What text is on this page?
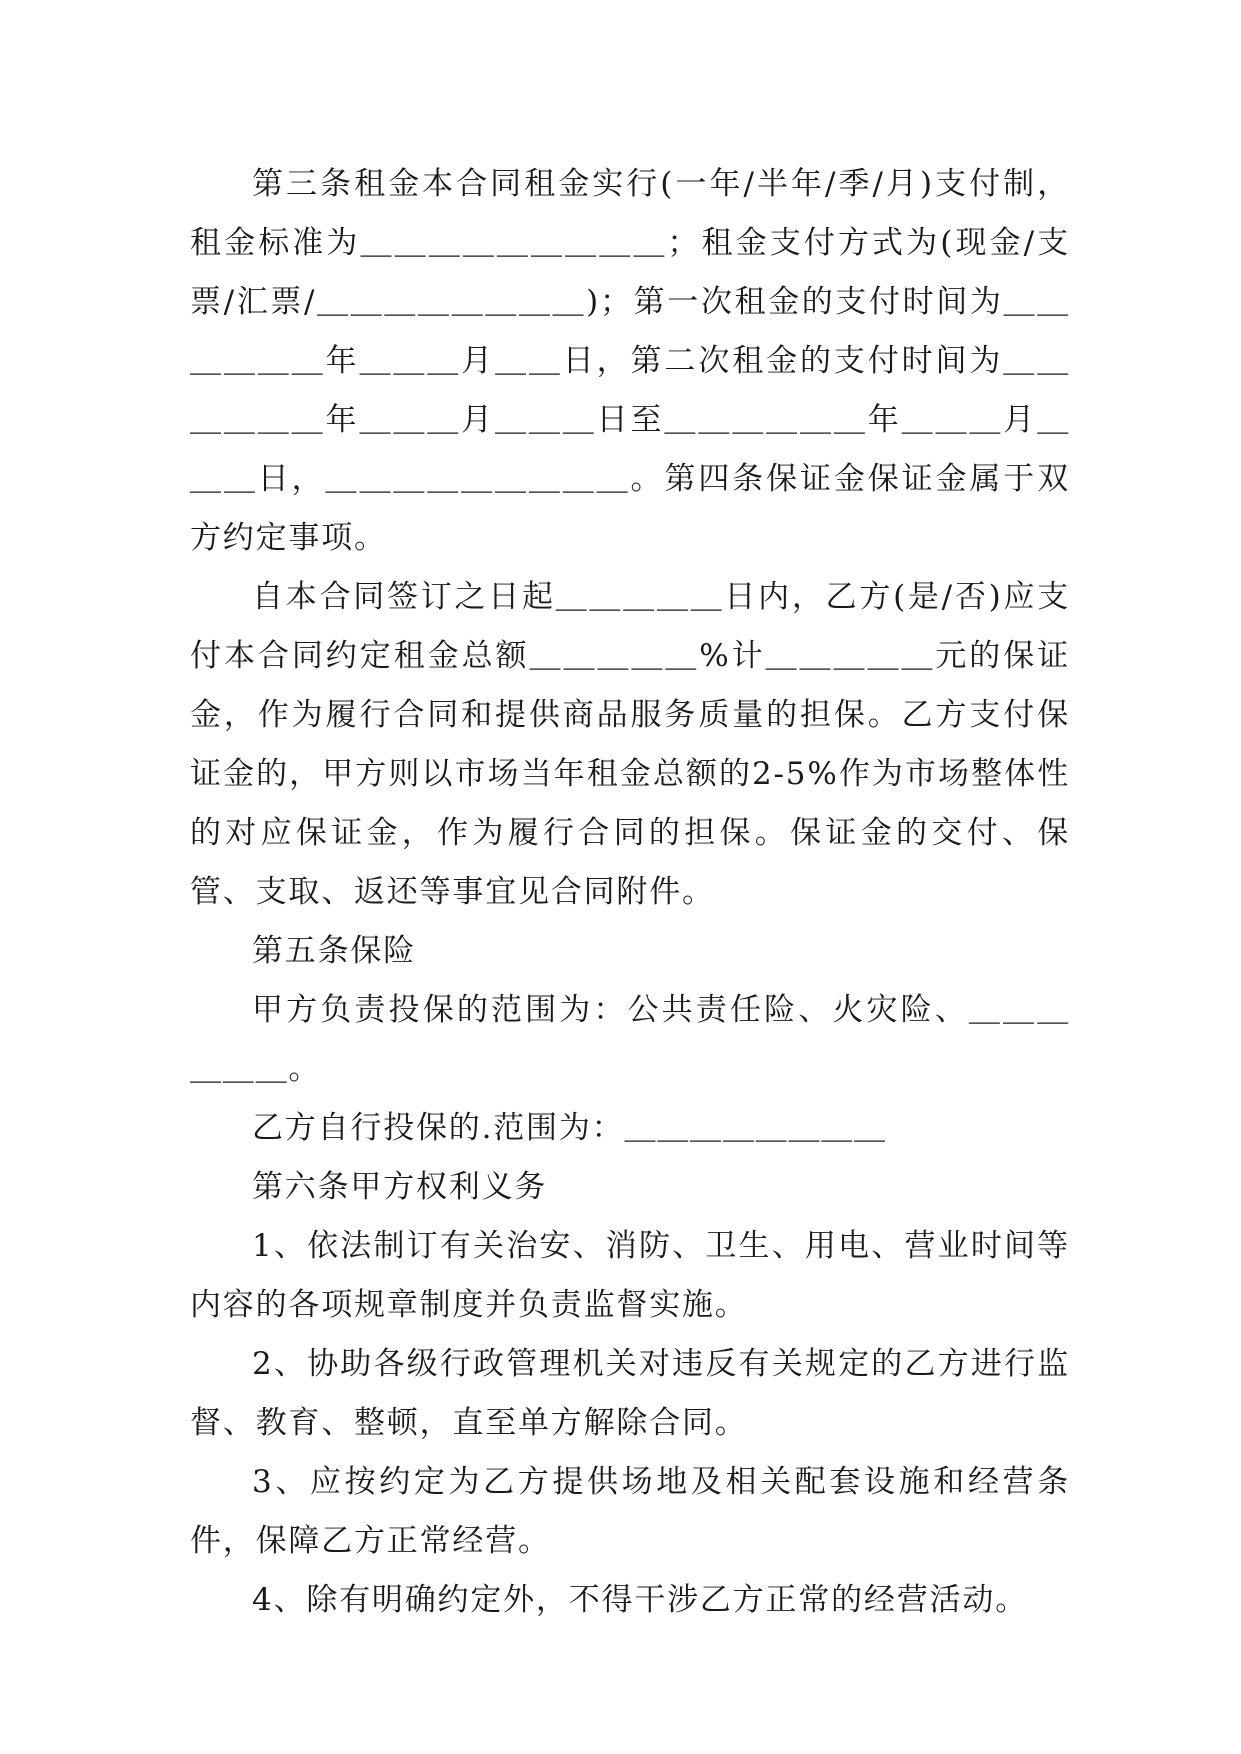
第三条租金本合同租金实行(一年/半年/季/月)支付制，租金标准为＿＿＿＿＿＿＿＿＿；租金支付方式为(现金/支票/汇票/＿＿＿＿＿＿＿＿)；第一次租金的支付时间为＿＿＿＿＿＿年＿＿＿月＿＿日，第二次租金的支付时间为＿＿＿＿＿＿年＿＿＿月＿＿＿日至＿＿＿＿＿＿年＿＿＿月＿＿＿日，＿＿＿＿＿＿＿＿＿。第四条保证金保证金属于双方约定事项。

自本合同签订之日起＿＿＿＿＿日内，乙方(是/否)应支付本合同约定租金总额＿＿＿＿＿%计＿＿＿＿＿元的保证金，作为履行合同和提供商品服务质量的担保。乙方支付保证金的，甲方则以市场当年租金总额的2-5%作为市场整体性的对应保证金，作为履行合同的担保。保证金的交付、保管、支取、返还等事宜见合同附件。

第五条保险

甲方负责投保的范围为：公共责任险、火灾险、＿＿＿＿＿＿。

乙方自行投保的.范围为：＿＿＿＿＿＿＿＿

第六条甲方权利义务

1、依法制订有关治安、消防、卫生、用电、营业时间等内容的各项规章制度并负责监督实施。

2、协助各级行政管理机关对违反有关规定的乙方进行监督、教育、整顿，直至单方解除合同。

3、应按约定为乙方提供场地及相关配套设施和经营条件，保障乙方正常经营。

4、除有明确约定外，不得干涉乙方正常的经营活动。
